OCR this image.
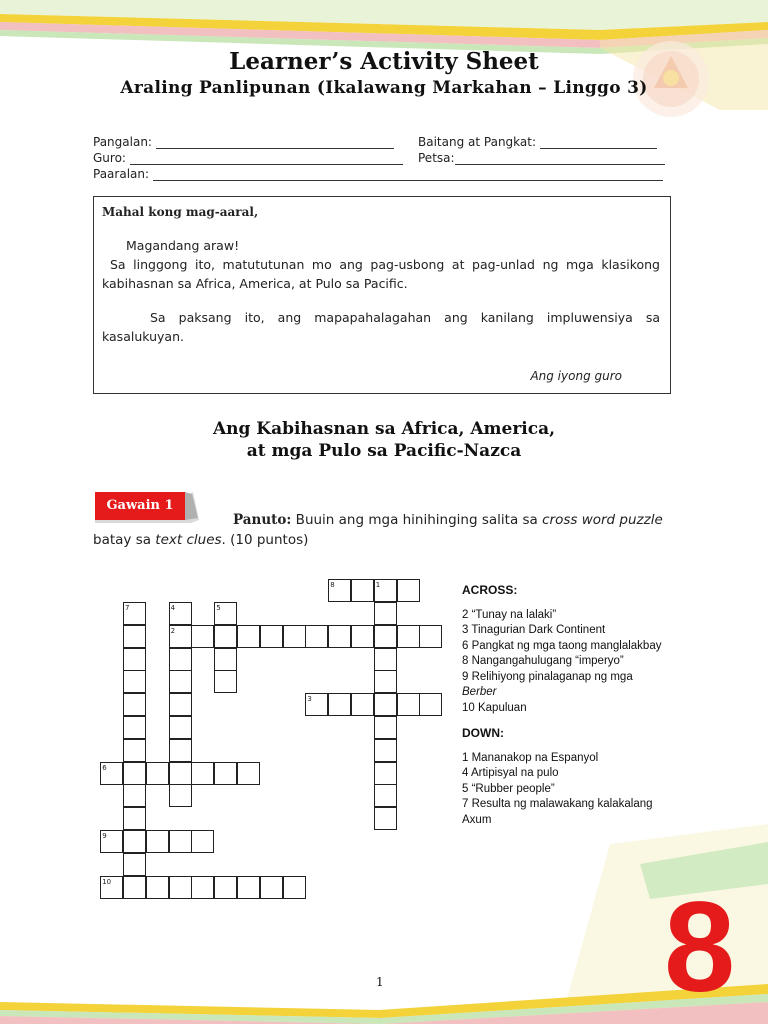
Learner’s Activity Sheet
Araling Panlipunan (Ikalawang Markahan – Linggo 3)
Pangalan:	Baitang at Pangkat:
Guro:	Petsa:
Paaralan:
Mahal kong mag-aaral,
Magandang araw!
Sa linggong ito, matututunan mo ang pag-usbong at pag-unlad ng mga klasikong kabihasnan sa Africa, America, at Pulo sa Pacific.
Sa paksang ito, ang mapapahalagahan ang kanilang impluwensiya sa kasalukuyan.
Ang iyong guro
Ang Kabihasnan sa Africa, America,
at mga Pulo sa Pacific-Nazca
Gawain 1
Panuto: Buuin ang mga hinihinging salita sa cross word puzzle batay sa text clues. (10 puntos)
8	1
7	4	5
2
3
6
9
10
ACROSS:
2 “Tunay na lalaki”
3 Tinagurian Dark Continent
6 Pangkat ng mga taong manglalakbay
8 Nangangahulugang “imperyo”
9 Relihiyong pinalaganap ng mga
Berber
10 Kapuluan
DOWN:
1 Mananakop na Espanyol
4 Artipisyal na pulo
5 “Rubber people”
7 Resulta ng malawakang kalakalang Axum
8
1
